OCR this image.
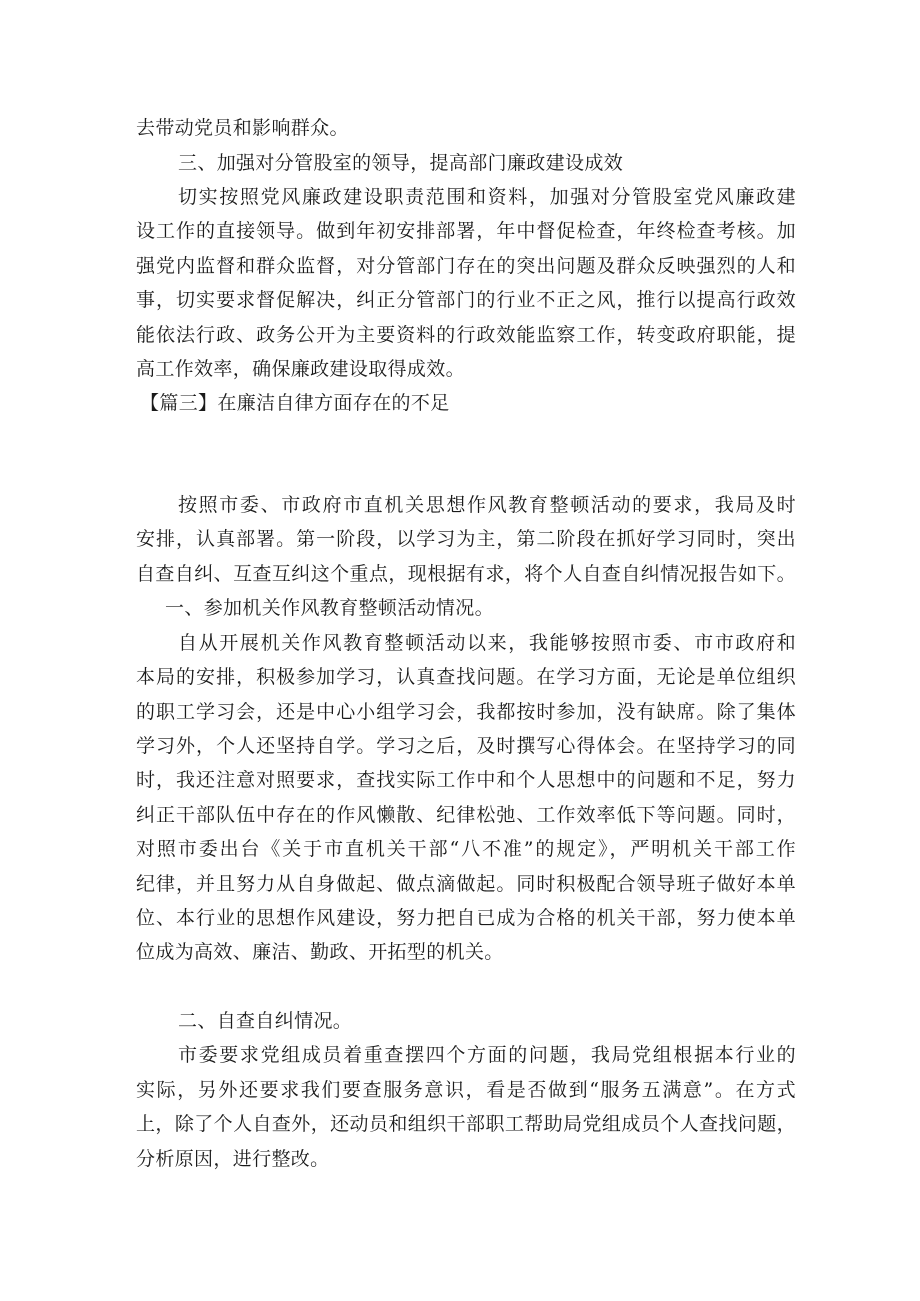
去带动党员和影响群众。
三、加强对分管股室的领导，提高部门廉政建设成效
切实按照党风廉政建设职责范围和资料，加强对分管股室党风廉政建
设工作的直接领导。做到年初安排部署，年中督促检查，年终检查考核。加
强党内监督和群众监督，对分管部门存在的突出问题及群众反映强烈的人和
事，切实要求督促解决，纠正分管部门的行业不正之风，推行以提高行政效
能依法行政、政务公开为主要资料的行政效能监察工作，转变政府职能，提
高工作效率，确保廉政建设取得成效。
【篇三】在廉洁自律方面存在的不足
按照市委、市政府市直机关思想作风教育整顿活动的要求，我局及时
安排，认真部署。第一阶段，以学习为主，第二阶段在抓好学习同时，突出
自查自纠、互查互纠这个重点，现根据有求，将个人自查自纠情况报告如下。
一、参加机关作风教育整顿活动情况。
自从开展机关作风教育整顿活动以来，我能够按照市委、市市政府和
本局的安排，积极参加学习，认真查找问题。在学习方面，无论是单位组织
的职工学习会，还是中心小组学习会，我都按时参加，没有缺席。除了集体
学习外，个人还坚持自学。学习之后，及时撰写心得体会。在坚持学习的同
时，我还注意对照要求，查找实际工作中和个人思想中的问题和不足，努力
纠正干部队伍中存在的作风懒散、纪律松弛、工作效率低下等问题。同时，
对照市委出台《关于市直机关干部“八不准”的规定》，严明机关干部工作
纪律，并且努力从自身做起、做点滴做起。同时积极配合领导班子做好本单
位、本行业的思想作风建设，努力把自已成为合格的机关干部，努力使本单
位成为高效、廉洁、勤政、开拓型的机关。
二、自查自纠情况。
市委要求党组成员着重查摆四个方面的问题，我局党组根据本行业的
实际，另外还要求我们要查服务意识，看是否做到“服务五满意”。在方式
上，除了个人自查外，还动员和组织干部职工帮助局党组成员个人查找问题，
分析原因，进行整改。
